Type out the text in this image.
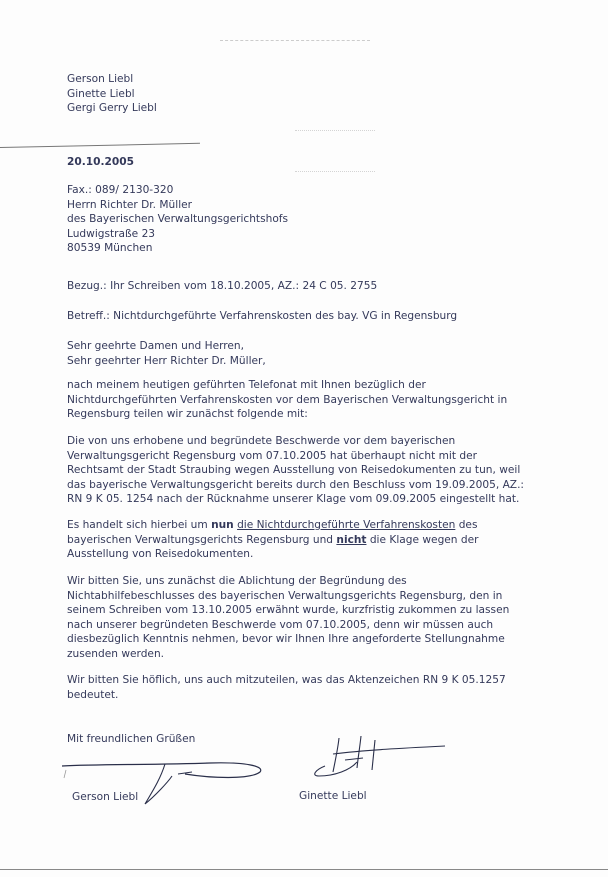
Gerson Liebl
Ginette Liebl
Gergi Gerry Liebl
20.10.2005
Fax.: 089/ 2130-320
Herrn Richter Dr. Müller
des Bayerischen Verwaltungsgerichtshofs
Ludwigstraße 23
80539 München
Bezug.: Ihr Schreiben vom 18.10.2005, AZ.: 24 C 05. 2755
Betreff.: Nichtdurchgeführte Verfahrenskosten des bay. VG in Regensburg
Sehr geehrte Damen und Herren,
Sehr geehrter Herr Richter Dr. Müller,
nach meinem heutigen geführten Telefonat mit Ihnen bezüglich der
Nichtdurchgeführten Verfahrenskosten vor dem Bayerischen Verwaltungsgericht in
Regensburg teilen wir zunächst folgende mit:
Die von uns erhobene und begründete Beschwerde vor dem bayerischen
Verwaltungsgericht Regensburg vom 07.10.2005 hat überhaupt nicht mit der
Rechtsamt der Stadt Straubing wegen Ausstellung von Reisedokumenten zu tun, weil
das bayerische Verwaltungsgericht bereits durch den Beschluss vom 19.09.2005, AZ.:
RN 9 K 05. 1254 nach der Rücknahme unserer Klage vom 09.09.2005 eingestellt hat.
Es handelt sich hierbei um nun die Nichtdurchgeführte Verfahrenskosten des
bayerischen Verwaltungsgerichts Regensburg und nicht die Klage wegen der
Ausstellung von Reisedokumenten.
Wir bitten Sie, uns zunächst die Ablichtung der Begründung des
Nichtabhilfebeschlusses des bayerischen Verwaltungsgerichts Regensburg, den in
seinem Schreiben vom 13.10.2005 erwähnt wurde, kurzfristig zukommen zu lassen
nach unserer begründeten Beschwerde vom 07.10.2005, denn wir müssen auch
diesbezüglich Kenntnis nehmen, bevor wir Ihnen Ihre angeforderte Stellungnahme
zusenden werden.
Wir bitten Sie höflich, uns auch mitzuteilen, was das Aktenzeichen RN 9 K 05.1257
bedeutet.
Mit freundlichen Grüßen
Gerson Liebl	Ginette Liebl
